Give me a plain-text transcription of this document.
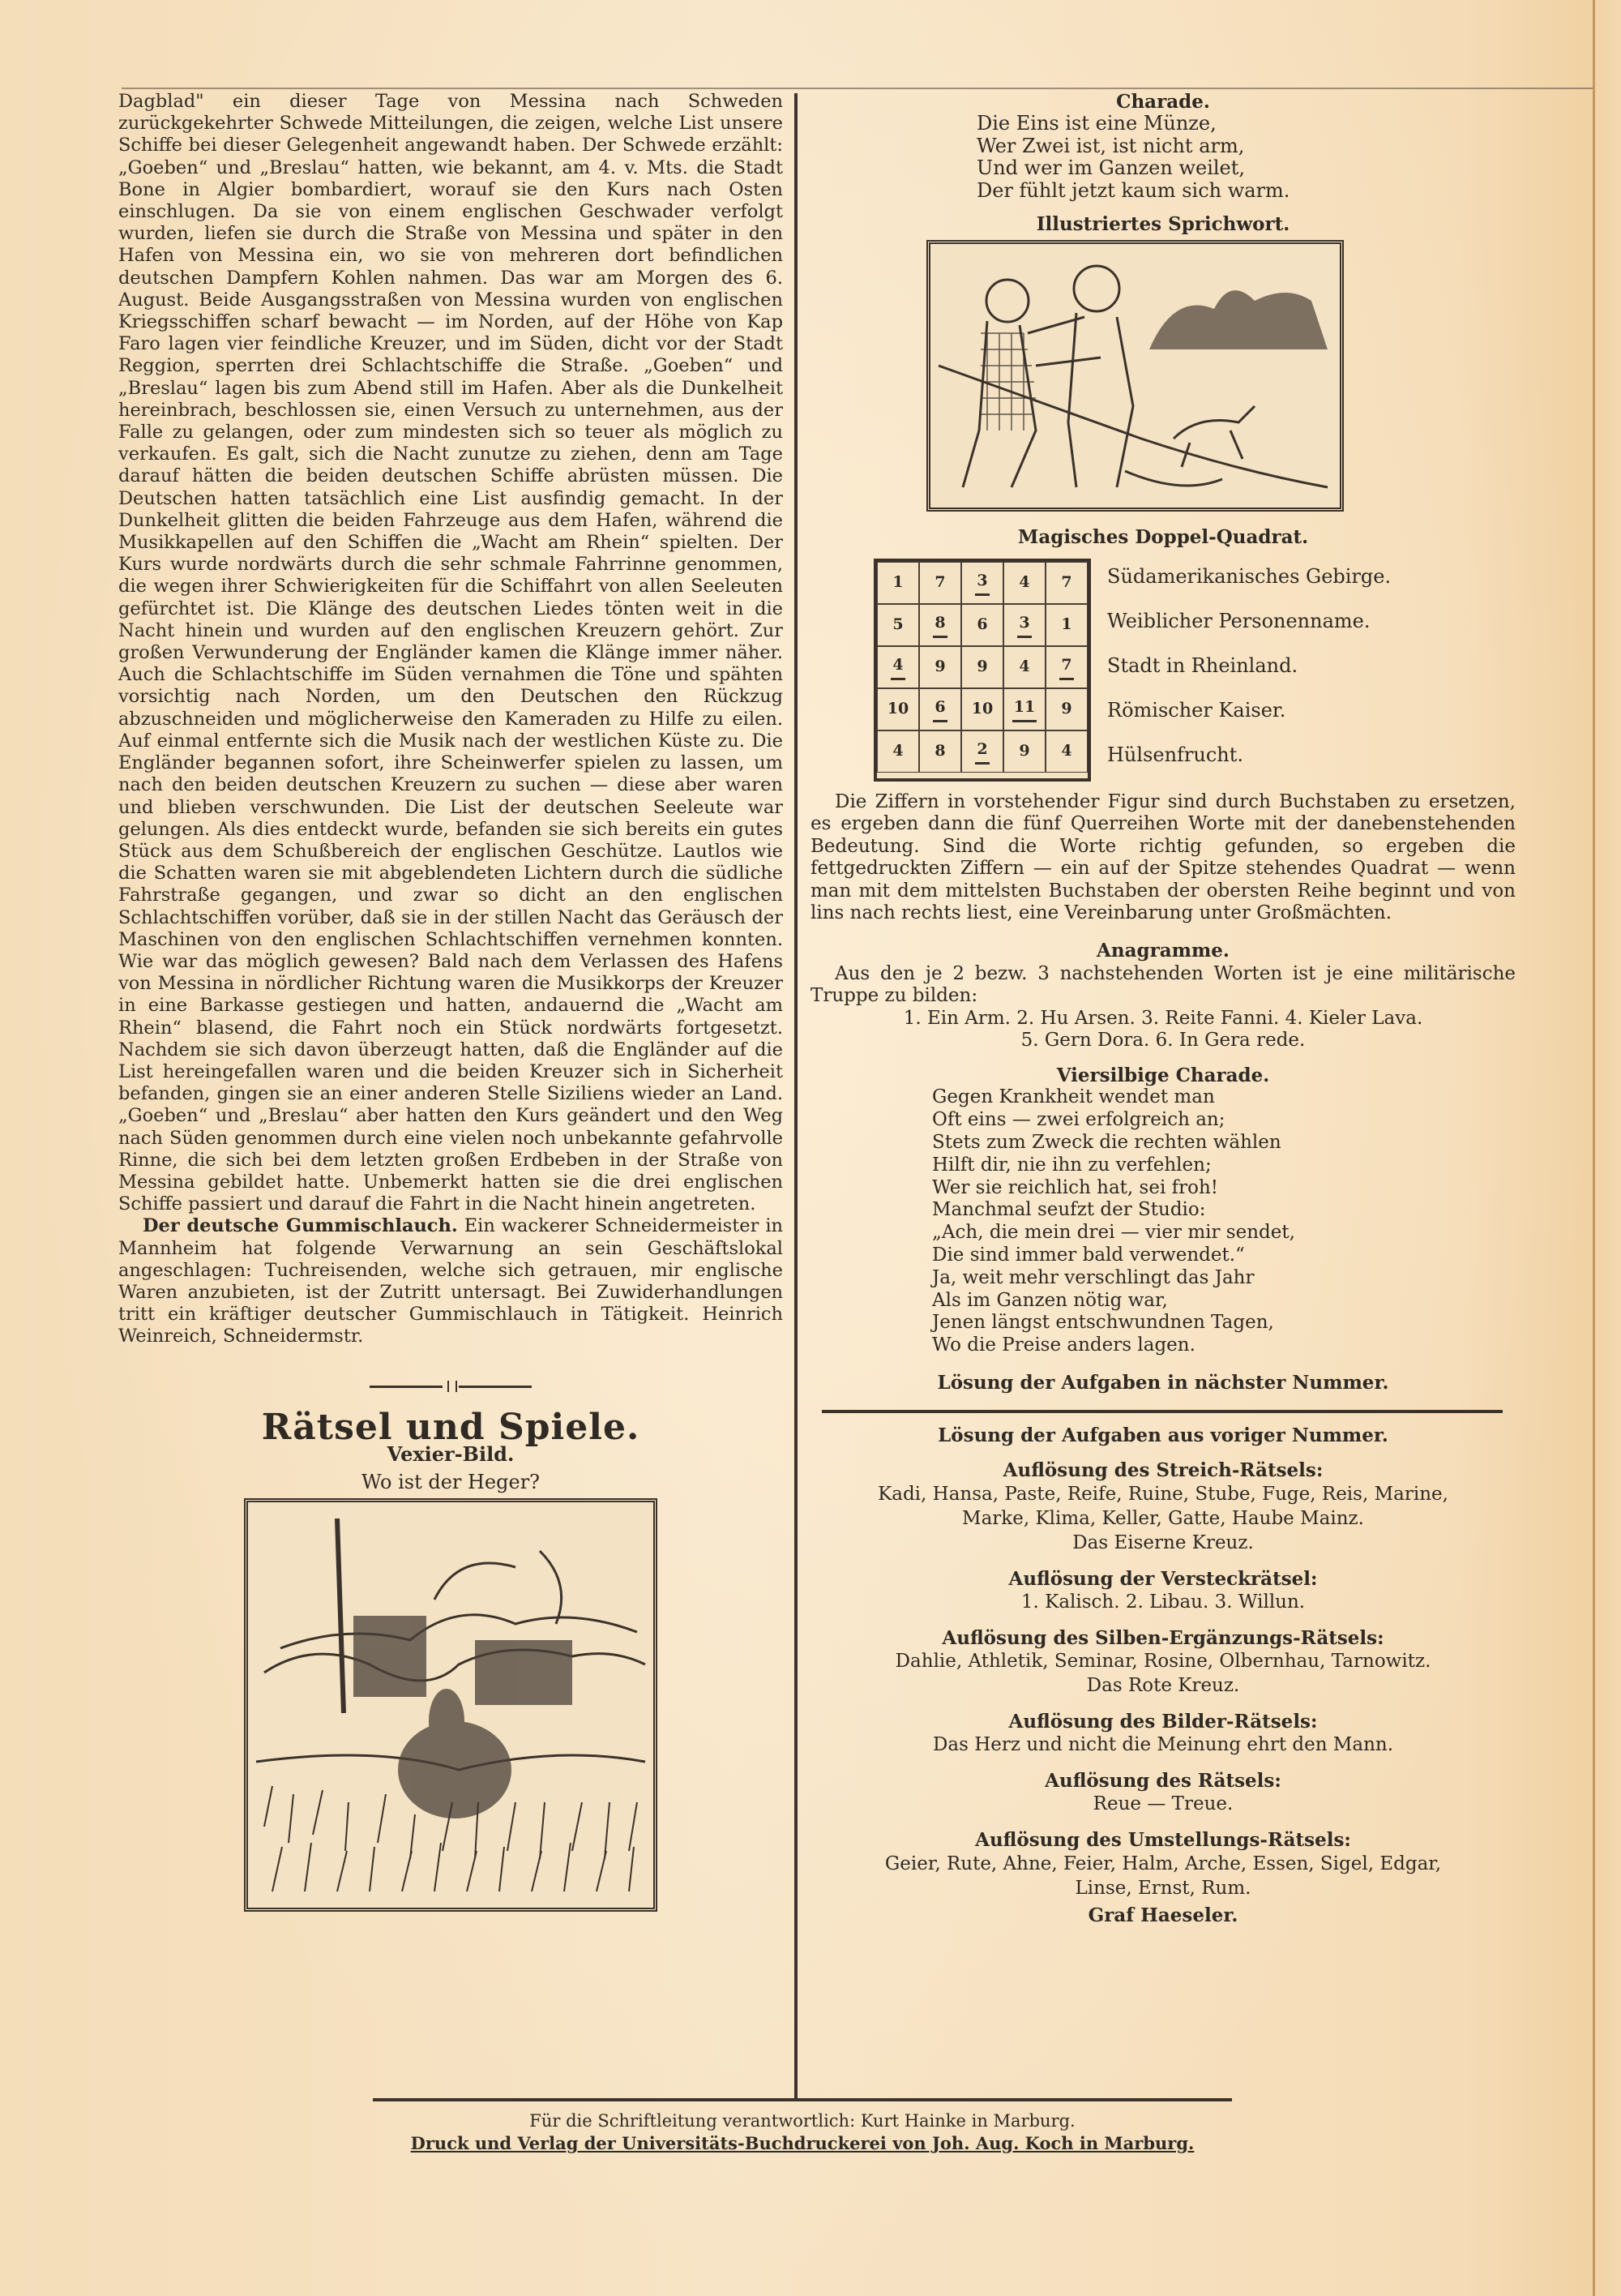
Dagblad" ein dieser Tage von Messina nach Schweden zurückgekehrter Schwede Mitteilungen, die zeigen, welche List unsere Schiffe bei dieser Gelegenheit angewandt haben. Der Schwede erzählt: „Goeben“ und „Breslau“ hatten, wie bekannt, am 4. v. Mts. die Stadt Bone in Algier bombardiert, worauf sie den Kurs nach Osten einschlugen. Da sie von einem englischen Geschwader verfolgt wurden, liefen sie durch die Straße von Messina und später in den Hafen von Messina ein, wo sie von mehreren dort befindlichen deutschen Dampfern Kohlen nahmen. Das war am Morgen des 6. August. Beide Ausgangsstraßen von Messina wurden von englischen Kriegsschiffen scharf bewacht — im Norden, auf der Höhe von Kap Faro lagen vier feindliche Kreuzer, und im Süden, dicht vor der Stadt Reggion, sperrten drei Schlachtschiffe die Straße. „Goeben“ und „Breslau“ lagen bis zum Abend still im Hafen. Aber als die Dunkelheit hereinbrach, beschlossen sie, einen Versuch zu unternehmen, aus der Falle zu gelangen, oder zum mindesten sich so teuer als möglich zu verkaufen. Es galt, sich die Nacht zunutze zu ziehen, denn am Tage darauf hätten die beiden deutschen Schiffe abrüsten müssen. Die Deutschen hatten tatsächlich eine List ausfindig gemacht. In der Dunkelheit glitten die beiden Fahrzeuge aus dem Hafen, während die Musikkapellen auf den Schiffen die „Wacht am Rhein“ spielten. Der Kurs wurde nordwärts durch die sehr schmale Fahrrinne genommen, die wegen ihrer Schwierigkeiten für die Schiffahrt von allen Seeleuten gefürchtet ist. Die Klänge des deutschen Liedes tönten weit in die Nacht hinein und wurden auf den englischen Kreuzern gehört. Zur großen Verwunderung der Engländer kamen die Klänge immer näher. Auch die Schlachtschiffe im Süden vernahmen die Töne und spähten vorsichtig nach Norden, um den Deutschen den Rückzug abzuschneiden und möglicherweise den Kameraden zu Hilfe zu eilen. Auf einmal entfernte sich die Musik nach der westlichen Küste zu. Die Engländer begannen sofort, ihre Scheinwerfer spielen zu lassen, um nach den beiden deutschen Kreuzern zu suchen — diese aber waren und blieben verschwunden. Die List der deutschen Seeleute war gelungen. Als dies entdeckt wurde, befanden sie sich bereits ein gutes Stück aus dem Schußbereich der englischen Geschütze. Lautlos wie die Schatten waren sie mit abgeblendeten Lichtern durch die südliche Fahrstraße gegangen, und zwar so dicht an den englischen Schlachtschiffen vorüber, daß sie in der stillen Nacht das Geräusch der Maschinen von den englischen Schlachtschiffen vernehmen konnten. Wie war das möglich gewesen? Bald nach dem Verlassen des Hafens von Messina in nördlicher Richtung waren die Musikkorps der Kreuzer in eine Barkasse gestiegen und hatten, andauernd die „Wacht am Rhein“ blasend, die Fahrt noch ein Stück nordwärts fortgesetzt. Nachdem sie sich davon überzeugt hatten, daß die Engländer auf die List hereingefallen waren und die beiden Kreuzer sich in Sicherheit befanden, gingen sie an einer anderen Stelle Siziliens wieder an Land. „Goeben“ und „Breslau“ aber hatten den Kurs geändert und den Weg nach Süden genommen durch eine vielen noch unbekannte gefahrvolle Rinne, die sich bei dem letzten großen Erdbeben in der Straße von Messina gebildet hatte. Unbemerkt hatten sie die drei englischen Schiffe passiert und darauf die Fahrt in die Nacht hinein angetreten.

Der deutsche Gummischlauch. Ein wackerer Schneidermeister in Mannheim hat folgende Verwarnung an sein Geschäftslokal angeschlagen: Tuchreisenden, welche sich getrauen, mir englische Waren anzubieten, ist der Zutritt untersagt. Bei Zuwiderhandlungen tritt ein kräftiger deutscher Gummischlauch in Tätigkeit. Heinrich Weinreich, Schneidermstr.

Rätsel und Spiele.
Vexier-Bild.
Wo ist der Heger?
Charade.
Die Eins ist eine Münze,
Wer Zwei ist, ist nicht arm,
Und wer im Ganzen weilet,
Der fühlt jetzt kaum sich warm.
Illustriertes Sprichwort.
Magisches Doppel-Quadrat.
1 7 3 4 7
5 8 6 3 1
4 9 9 4 7
10 6 10 11 9
4 8 2 9 4
Südamerikanisches Gebirge.
Weiblicher Personenname.
Stadt in Rheinland.
Römischer Kaiser.
Hülsenfrucht.
Die Ziffern in vorstehender Figur sind durch Buchstaben zu ersetzen, es ergeben dann die fünf Querreihen Worte mit der danebenstehenden Bedeutung. Sind die Worte richtig gefunden, so ergeben die fettgedruckten Ziffern — ein auf der Spitze stehendes Quadrat — wenn man mit dem mittelsten Buchstaben der obersten Reihe beginnt und von lins nach rechts liest, eine Vereinbarung unter Großmächten.
Anagramme.
Aus den je 2 bezw. 3 nachstehenden Worten ist je eine militärische Truppe zu bilden:
1. Ein Arm. 2. Hu Arsen. 3. Reite Fanni. 4. Kieler Lava.
5. Gern Dora. 6. In Gera rede.
Viersilbige Charade.
Gegen Krankheit wendet man
Oft eins — zwei erfolgreich an;
Stets zum Zweck die rechten wählen
Hilft dir, nie ihn zu verfehlen;
Wer sie reichlich hat, sei froh!
Manchmal seufzt der Studio:
„Ach, die mein drei — vier mir sendet,
Die sind immer bald verwendet.“
Ja, weit mehr verschlingt das Jahr
Als im Ganzen nötig war,
Jenen längst entschwundnen Tagen,
Wo die Preise anders lagen.
Lösung der Aufgaben in nächster Nummer.
Lösung der Aufgaben aus voriger Nummer.
Auflösung des Streich-Rätsels:
Kadi, Hansa, Paste, Reife, Ruine, Stube, Fuge, Reis, Marine,
Marke, Klima, Keller, Gatte, Haube Mainz.
Das Eiserne Kreuz.
Auflösung der Versteckrätsel:
1. Kalisch. 2. Libau. 3. Willun.
Auflösung des Silben-Ergänzungs-Rätsels:
Dahlie, Athletik, Seminar, Rosine, Olbernhau, Tarnowitz.
Das Rote Kreuz.
Auflösung des Bilder-Rätsels:
Das Herz und nicht die Meinung ehrt den Mann.
Auflösung des Rätsels:
Reue — Treue.
Auflösung des Umstellungs-Rätsels:
Geier, Rute, Ahne, Feier, Halm, Arche, Essen, Sigel, Edgar,
Linse, Ernst, Rum.
Graf Haeseler.
Für die Schriftleitung verantwortlich: Kurt Hainke in Marburg.
Druck und Verlag der Universitäts-Buchdruckerei von Joh. Aug. Koch in Marburg.
